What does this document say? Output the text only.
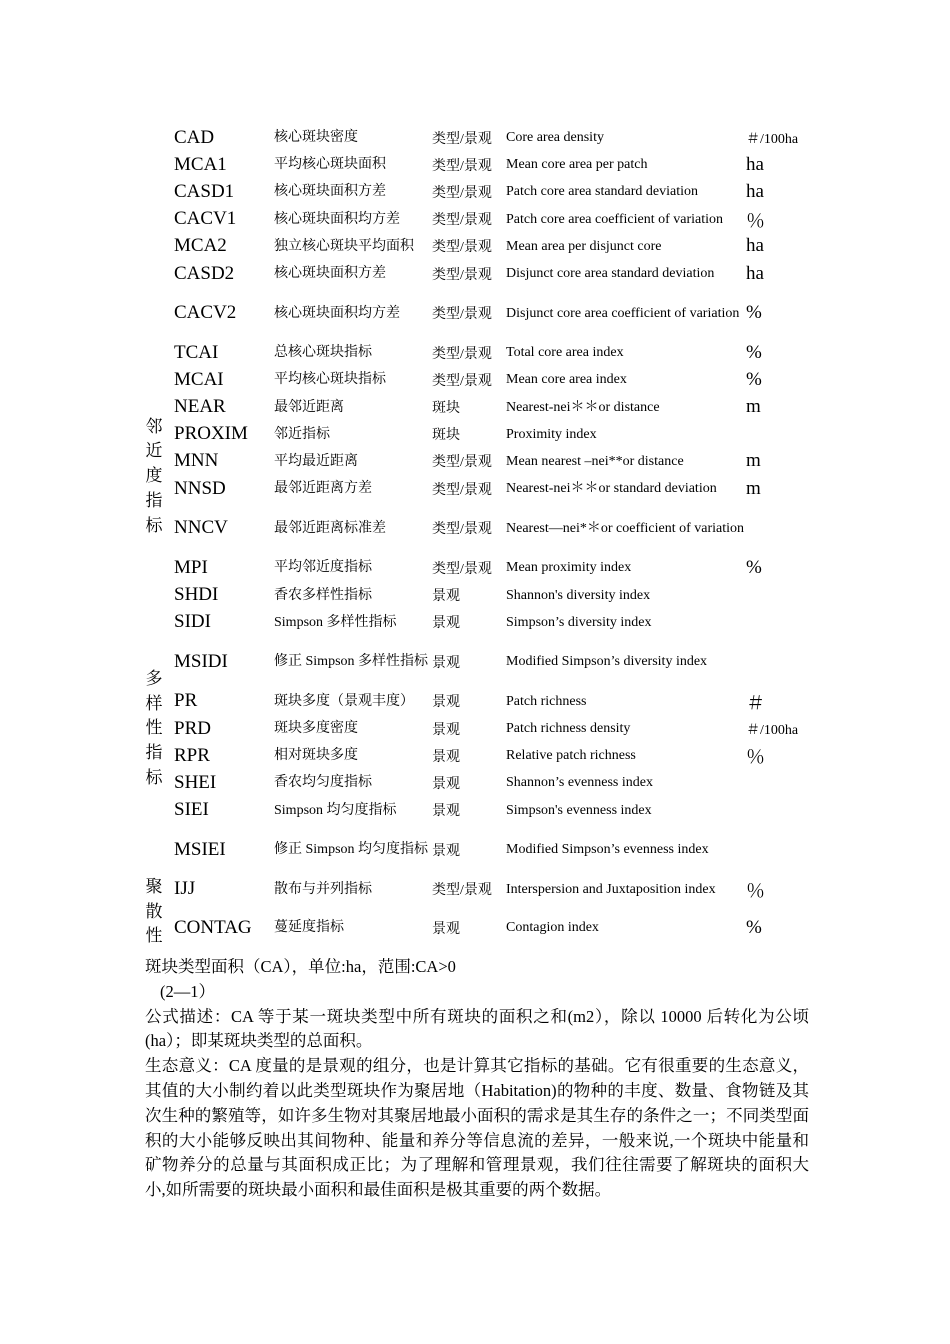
CAD	核心斑块密度	类型/景观	Core area density	＃/100ha
MCA1	平均核心斑块面积	类型/景观	Mean core area per patch	ha
CASD1	核心斑块面积方差	类型/景观	Patch core area standard deviation	ha
CACV1	核心斑块面积均方差	类型/景观	Patch core area coefficient of variation	％
MCA2	独立核心斑块平均面积	类型/景观	Mean area per disjunct core	ha
CASD2	核心斑块面积方差	类型/景观	Disjunct core area standard deviation	ha
CACV2	核心斑块面积均方差	类型/景观	Disjunct core area coefficient of variation %
TCAI	总核心斑块指标	类型/景观	Total core area index	%
MCAI	平均核心斑块指标	类型/景观	Mean core area index	%
邻近度指标
NEAR	最邻近距离	斑块	Nearest-nei＊＊or distance	m
PROXIM	邻近指标	斑块	Proximity index
MNN	平均最近距离	类型/景观	Mean nearest –nei**or distance	m
NNSD	最邻近距离方差	类型/景观	Nearest-nei＊＊or standard deviation	m
NNCV	最邻近距离标准差	类型/景观	Nearest—nei*＊or coefficient of variation
MPI	平均邻近度指标	类型/景观	Mean proximity index	%
SHDI	香农多样性指标	景观	Shannon's diversity index
SIDI	Simpson 多样性指标	景观	Simpson’s diversity index
多样性指标
MSIDI	修正 Simpson 多样性指标 景观	Modified Simpson’s diversity index
PR	斑块多度（景观丰度）	景观	Patch richness	＃
PRD	斑块多度密度	景观	Patch richness density	＃/100ha
RPR	相对斑块多度	景观	Relative patch richness	％
SHEI	香农均匀度指标	景观	Shannon’s evenness index
SIEI	Simpson 均匀度指标	景观	Simpson's evenness index
MSIEI	修正 Simpson 均匀度指标 景观	Modified Simpson’s evenness index
聚散性
IJJ	散布与并列指标	类型/景观	Interspersion and Juxtaposition index	％
CONTAG	蔓延度指标	景观	Contagion index	%

斑块类型面积（CA），单位:ha，范围:CA>0

(2—1）

公式描述：CA 等于某一斑块类型中所有斑块的面积之和(m2），除以 10000 后转化为公顷(ha）；即某斑块类型的总面积。

生态意义：CA 度量的是景观的组分，也是计算其它指标的基础。它有很重要的生态意义，其值的大小制约着以此类型斑块作为聚居地（Habitation)的物种的丰度、数量、食物链及其次生种的繁殖等，如许多生物对其聚居地最小面积的需求是其生存的条件之一；不同类型面积的大小能够反映出其间物种、能量和养分等信息流的差异，一般来说,一个斑块中能量和矿物养分的总量与其面积成正比；为了理解和管理景观，我们往往需要了解斑块的面积大小,如所需要的斑块最小面积和最佳面积是极其重要的两个数据。
